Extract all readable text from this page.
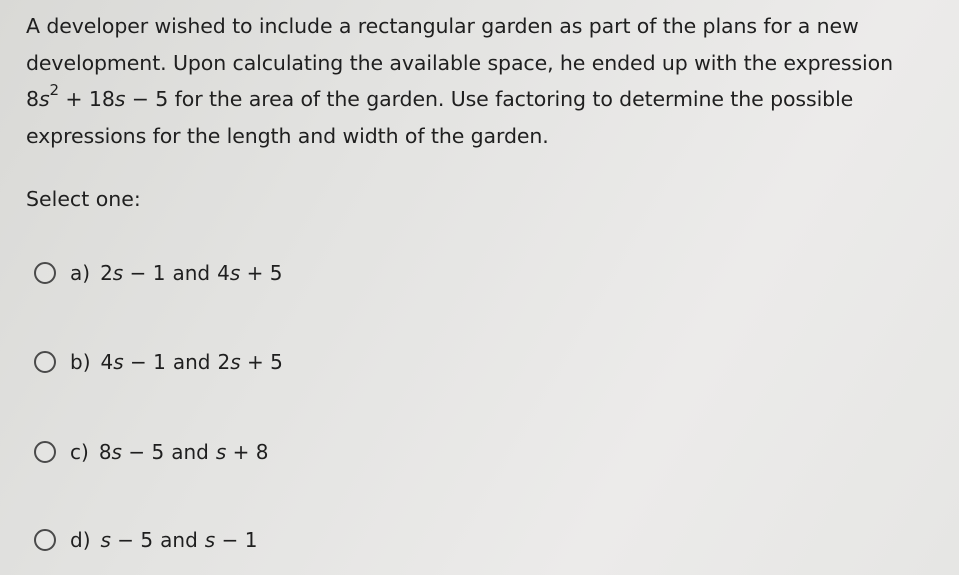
A developer wished to include a rectangular garden as part of the plans for a new

development. Upon calculating the available space, he ended up with the expression

$8s^2 + 18s - 5$ for the area of the garden. Use factoring to determine the possible

expressions for the length and width of the garden.

Select one:
a) 2s − 1 and 4s + 5
b) 4s − 1 and 2s + 5
c) 8s − 5 and s + 8
d) s − 5 and s − 1
